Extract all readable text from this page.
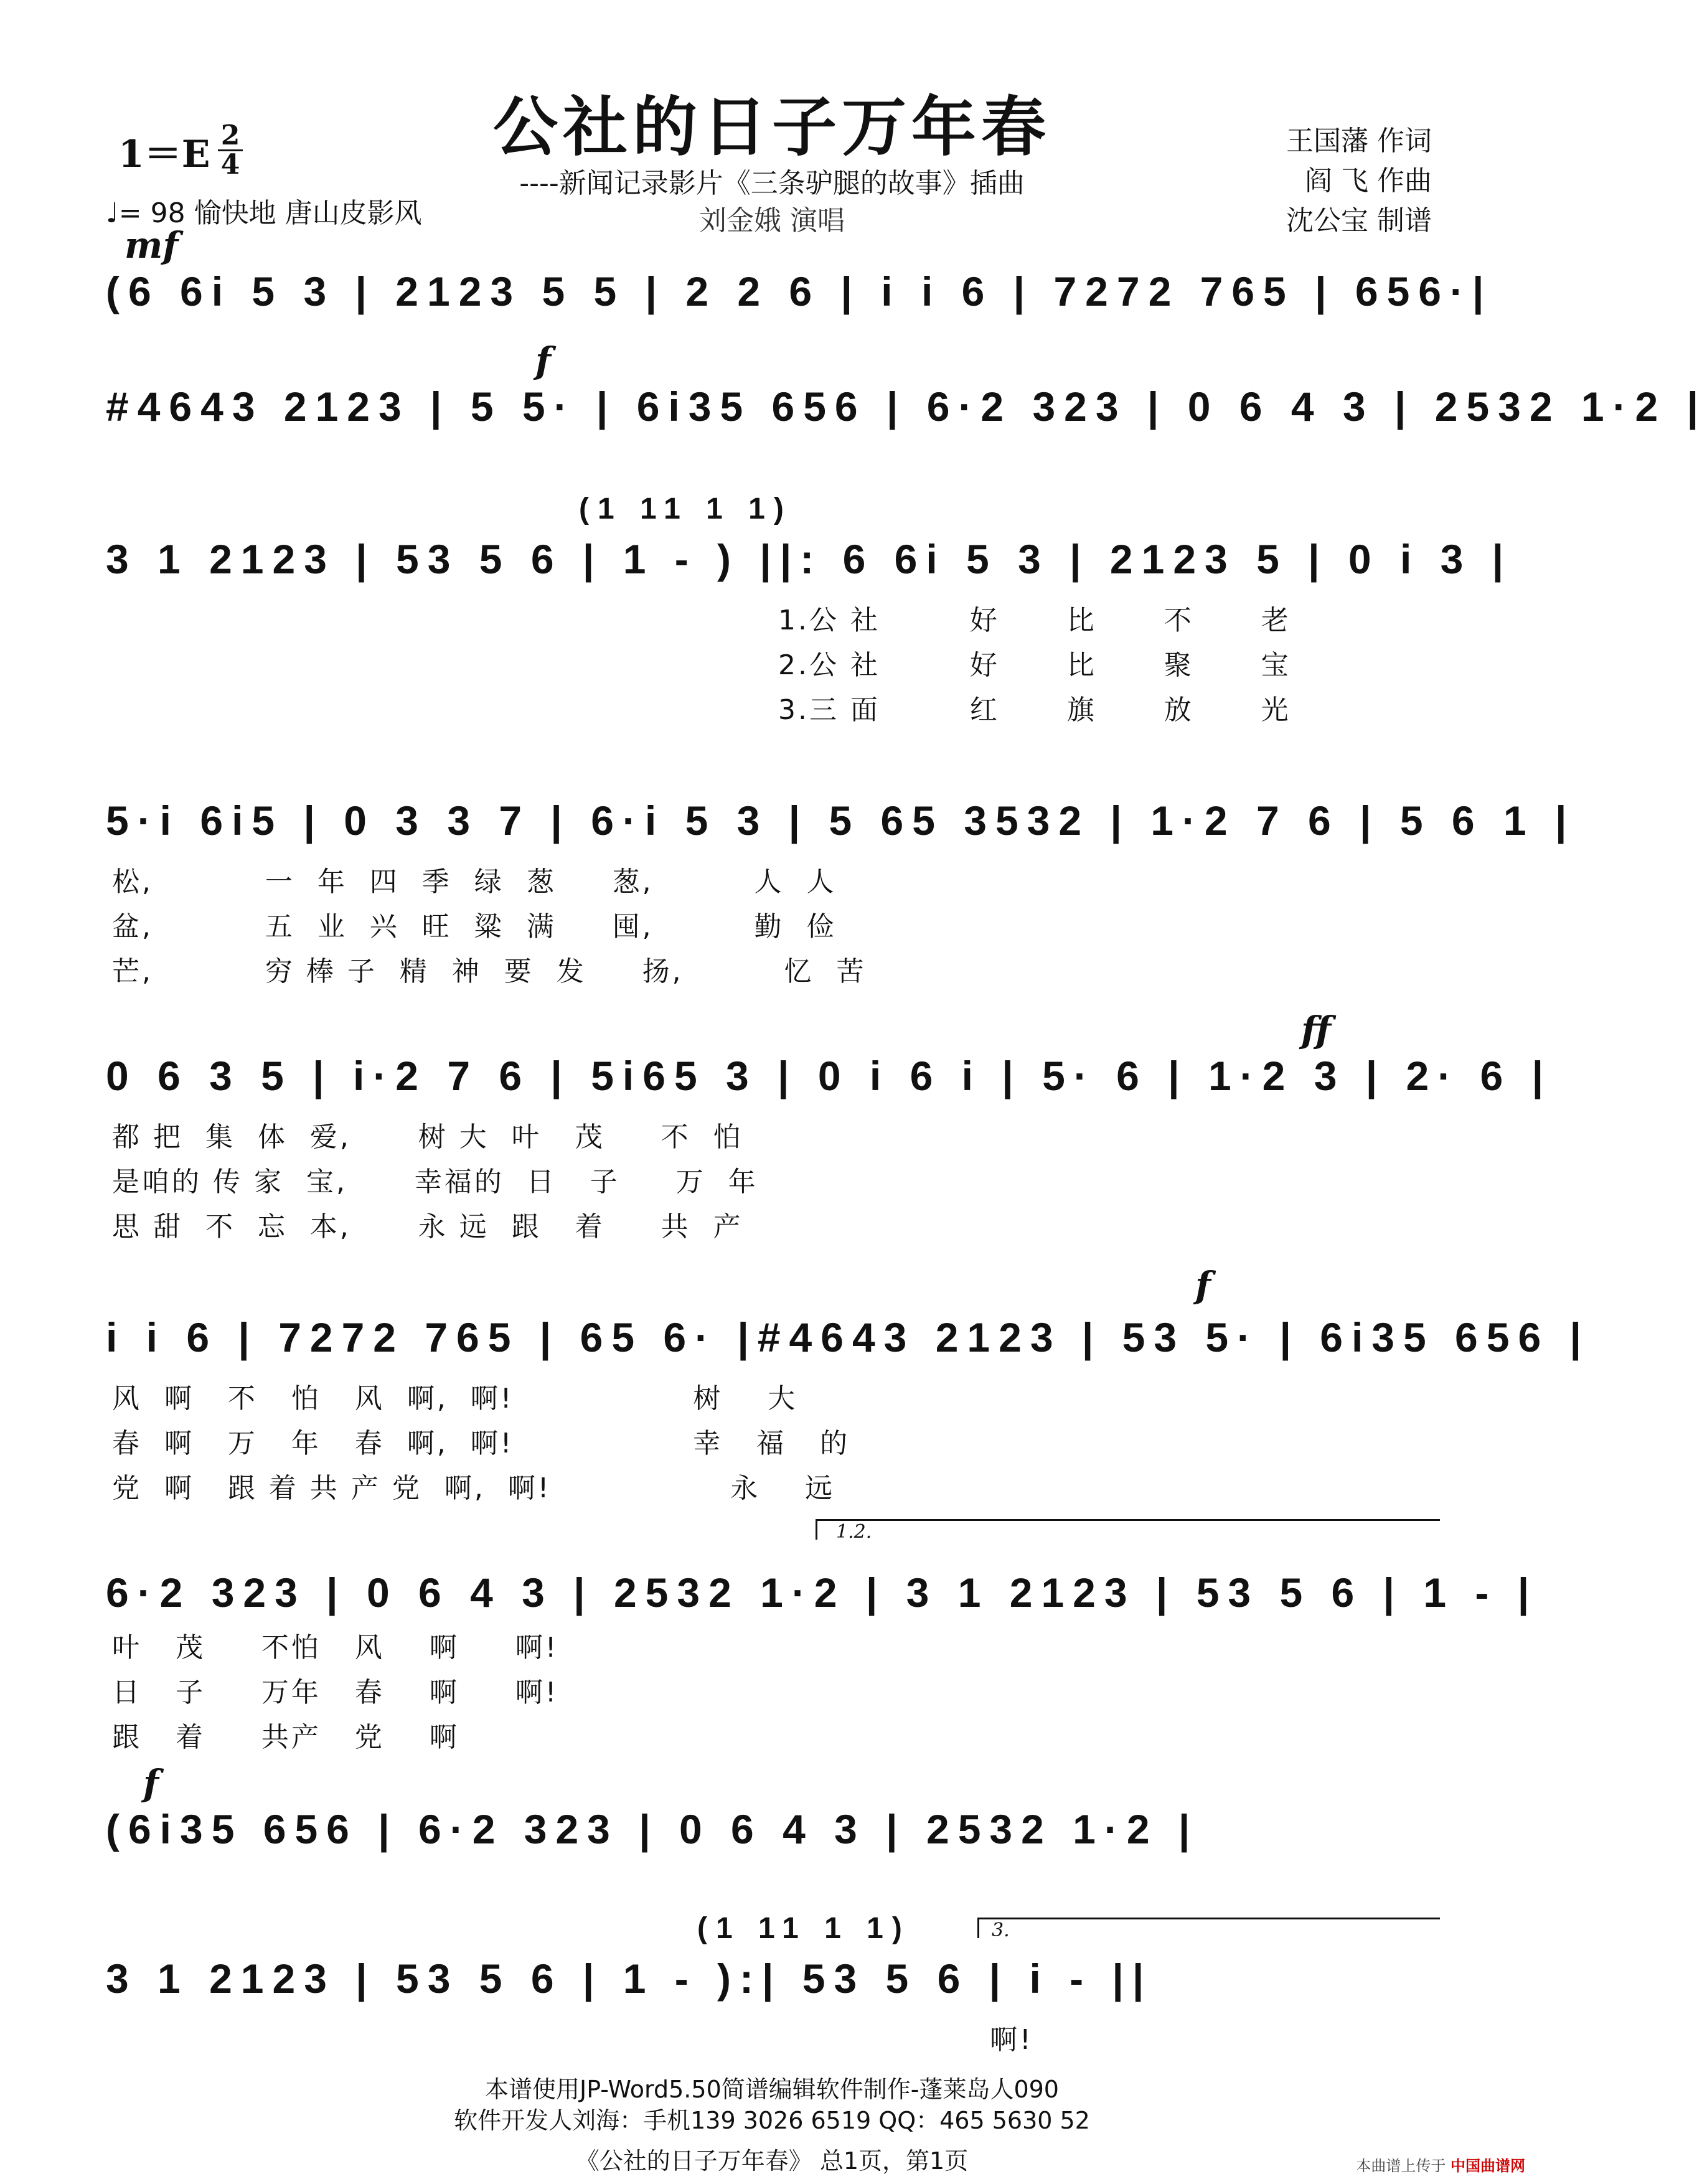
公社的日子万年春
----新闻记录影片《三条驴腿的故事》插曲
刘金娥 演唱
王国藩 作词
阎 飞 作曲
沈公宝 制谱
1＝E 2
4
♩= 98 愉快地 唐山皮影风
mf
(6 6i 5 3 | 2123 5 5 | 2 2 6 | i i 6 | 7272 765 | 656·|
f
#4643 2123 | 5 5· | 6i35 656 | 6·2 323 | 0 6 4 3 | 2532 1·2 |
(1 11 1 1)
3 1 2123 | 53 5 6 | 1 - ) ||: 6 6i 5 3 | 2123 5 | 0 i 3 |
1.公 社        好      比      不      老
2.公 社        好      比      聚      宝
3.三 面        红      旗      放      光
5·i 6i5 | 0 3 3 7 | 6·i 5 3 | 5 65 3532 | 1·2 7 6 | 5 6 1 |
松,          一  年  四  季  绿  葱     葱,         人  人
盆,          五  业  兴  旺  粱  满     囤,         勤  俭
芒,          穷 棒 子  精  神  要  发     扬,         忆  苦
ff
0 6 3 5 | i·2 7 6 | 5i65 3 | 0 i 6 i | 5· 6 | 1·2 3 | 2· 6 |
都 把  集  体  爱,      树 大  叶   茂     不  怕
是咱的 传 家  宝,      幸福的  日   子     万  年
思 甜  不  忘  本,      永 远  跟   着     共  产
f
i i 6 | 7272 765 | 65 6· |#4643 2123 | 53 5· | 6i35 656 |
风  啊   不   怕   风  啊,  啊!                树    大
春  啊   万   年   春  啊,  啊!                幸   福   的
党  啊   跟 着 共 产 党  啊,  啊!                永    远
1.2.
6·2 323 | 0 6 4 3 | 2532 1·2 | 3 1 2123 | 53 5 6 | 1 - |
叶   茂     不怕   风    啊     啊!
日   子     万年   春    啊     啊!
跟   着     共产   党    啊
f
(6i35 656 | 6·2 323 | 0 6 4 3 | 2532 1·2 |
(1 11 1 1)	3.
3 1 2123 | 53 5 6 | 1 - ):| 53 5 6 | i - ||
啊!
本谱使用JP-Word5.50简谱编辑软件制作-蓬莱岛人090
软件开发人刘海：手机139 3026 6519 QQ：465 5630 52
《公社的日子万年春》 总1页，第1页	本曲谱上传于 中国曲谱网
